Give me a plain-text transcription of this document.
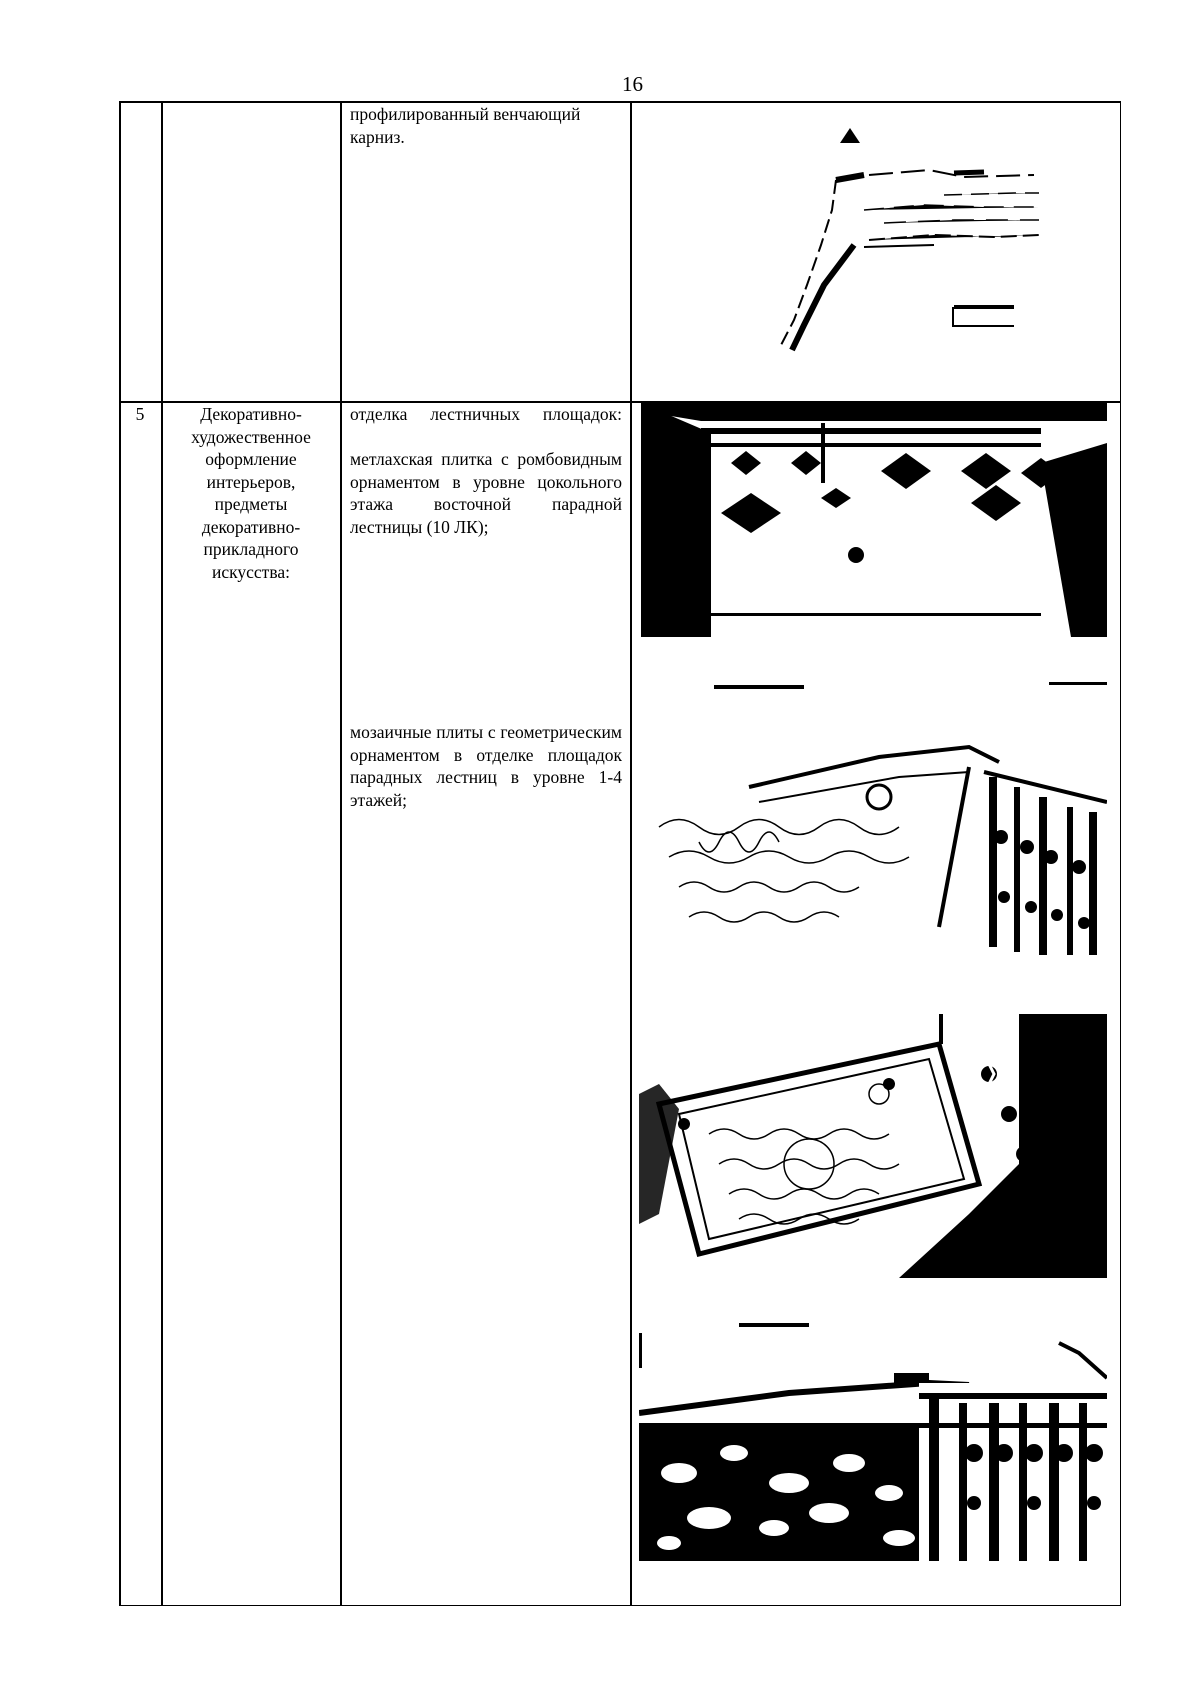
16
профилированный венчающий карниз.
5	Декоративно-художественное оформление интерьеров, предметы декоративно-прикладного искусства:
отделка лестничных площадок:
метлахская плитка с ромбовидным орнаментом в уровне цокольного этажа восточной парадной лестницы (10 ЛК);
мозаичные плиты с геометрическим орнаментом в отделке площадок парадных лестниц в уровне 1-4 этажей;
